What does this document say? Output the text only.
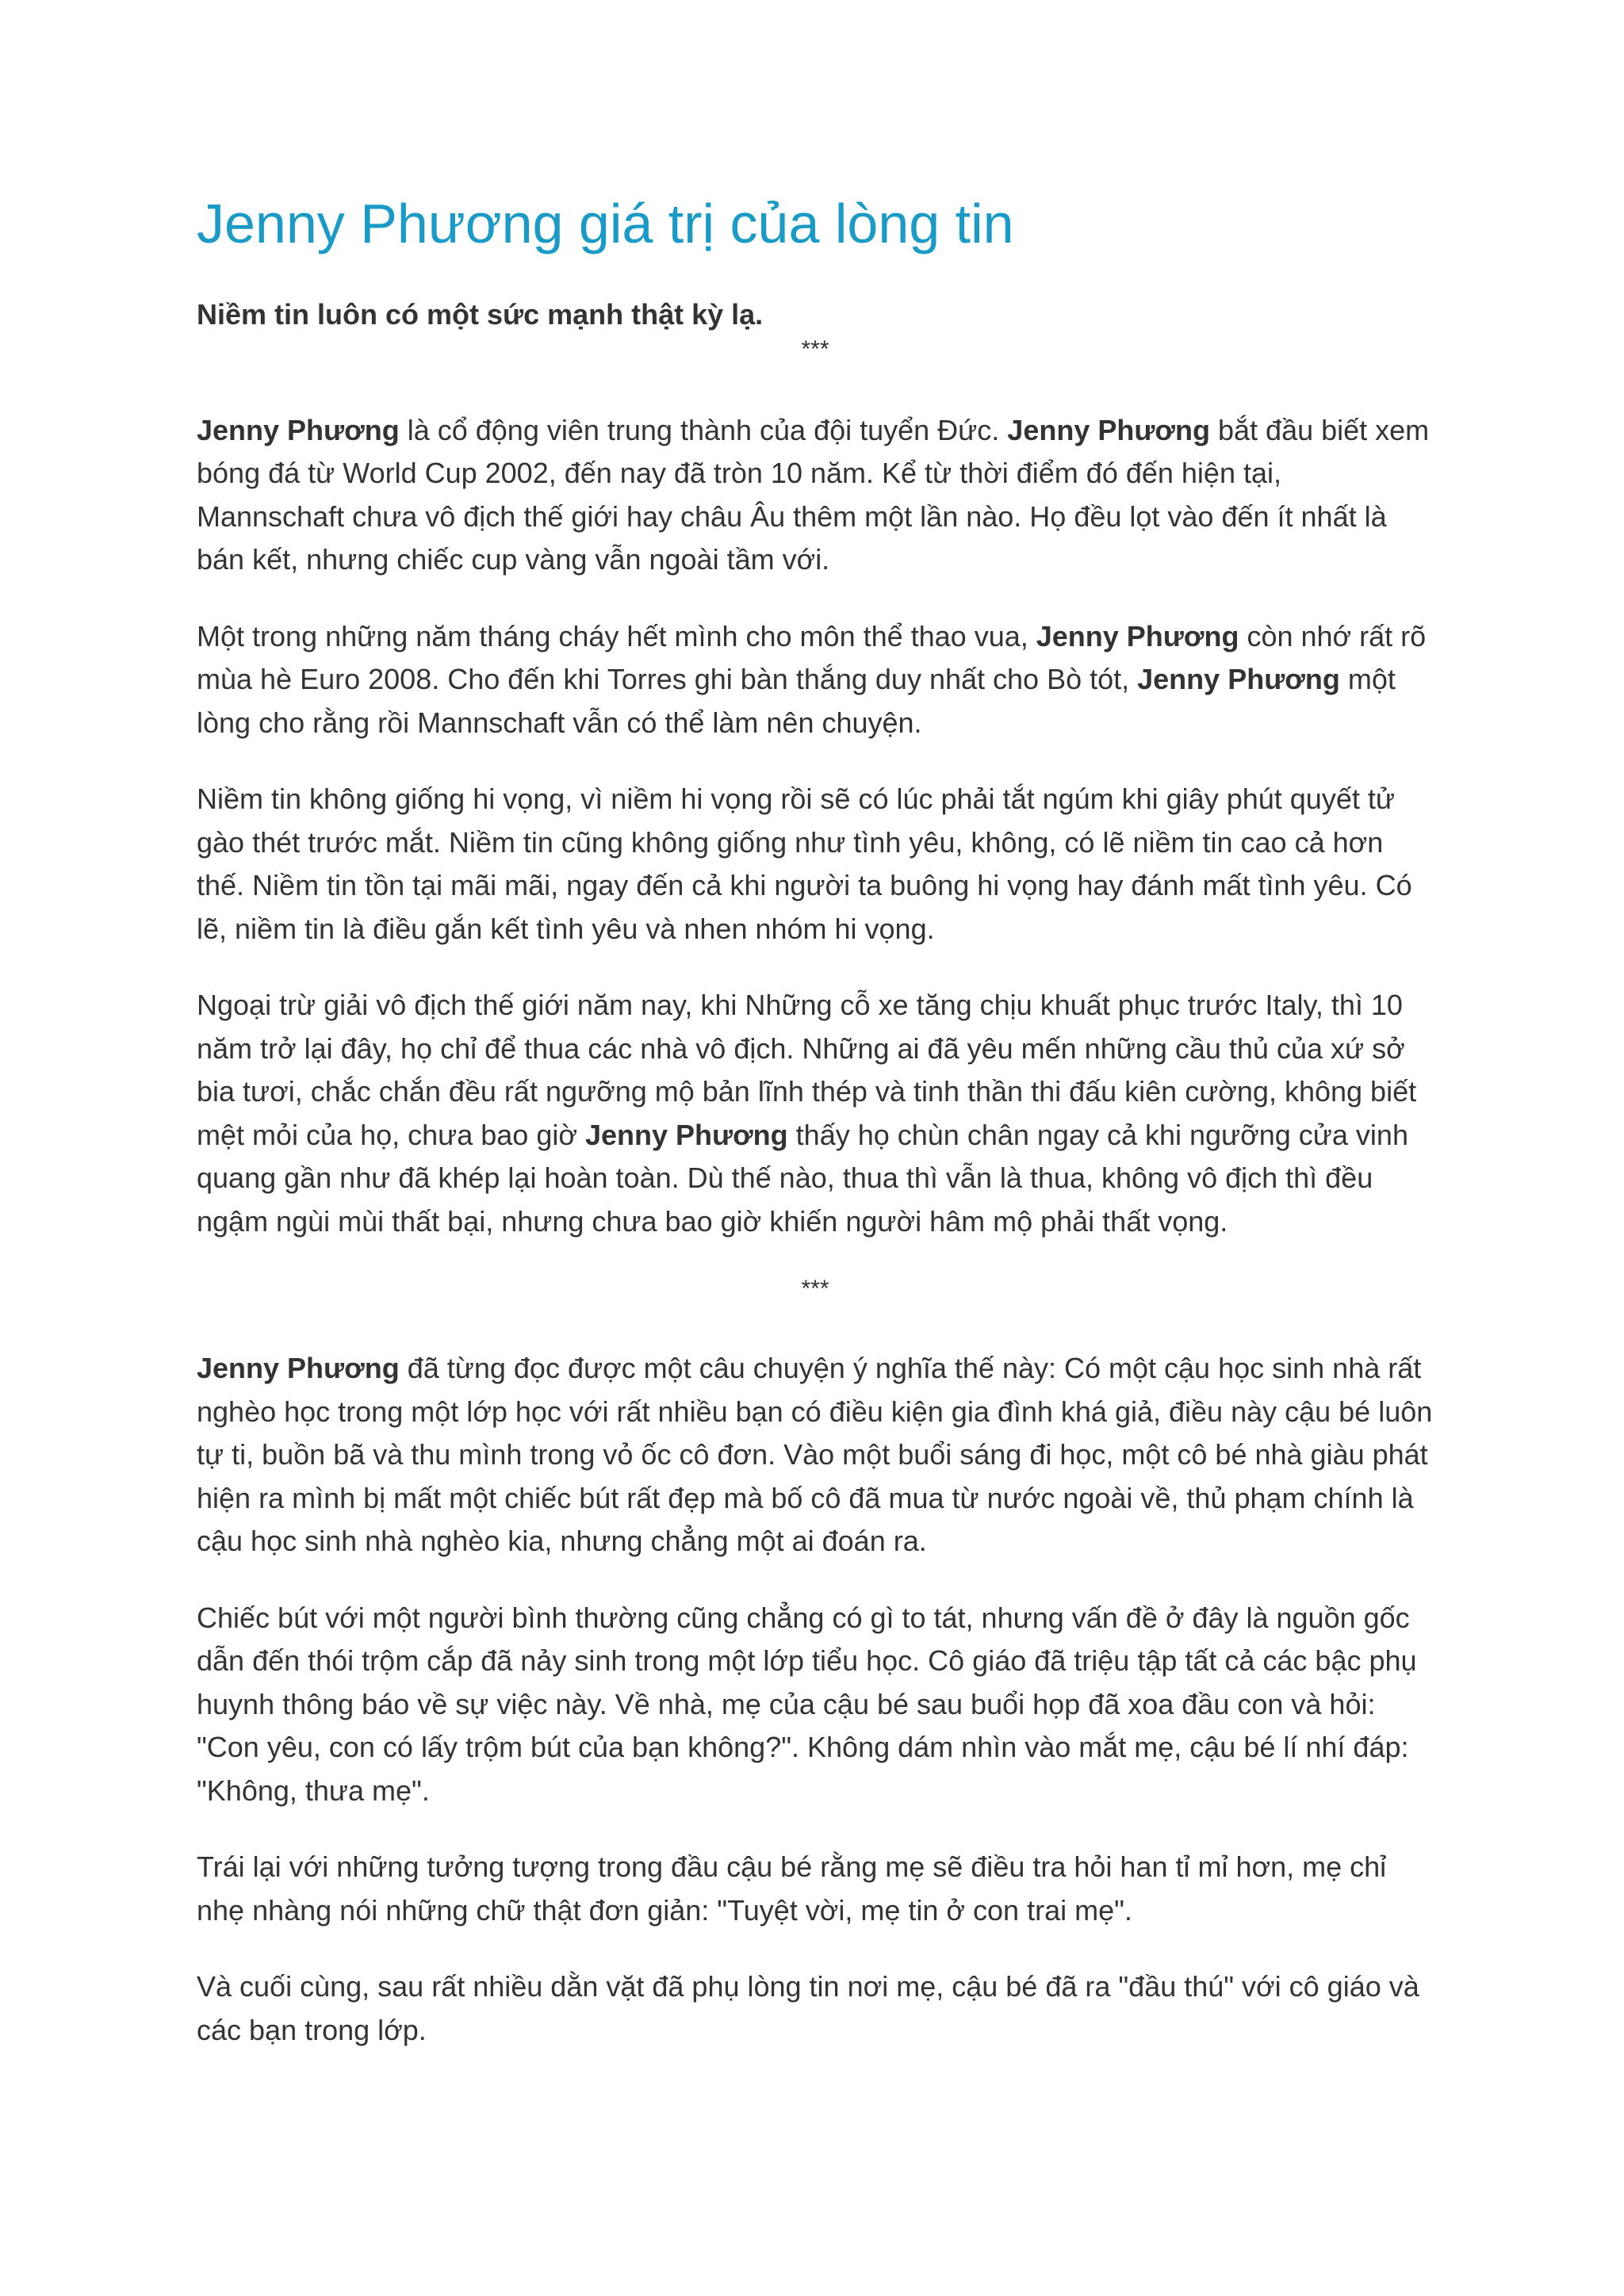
Jenny Phương giá trị của lòng tin

Niềm tin luôn có một sức mạnh thật kỳ lạ.

***

Jenny Phương là cổ động viên trung thành của đội tuyển Đức. Jenny Phương bắt đầu biết xem bóng đá từ World Cup 2002, đến nay đã tròn 10 năm. Kể từ thời điểm đó đến hiện tại, Mannschaft chưa vô địch thế giới hay châu Âu thêm một lần nào. Họ đều lọt vào đến ít nhất là bán kết, nhưng chiếc cup vàng vẫn ngoài tầm với.

Một trong những năm tháng cháy hết mình cho môn thể thao vua, Jenny Phương còn nhớ rất rõ mùa hè Euro 2008. Cho đến khi Torres ghi bàn thắng duy nhất cho Bò tót, Jenny Phương một lòng cho rằng rồi Mannschaft vẫn có thể làm nên chuyện.

Niềm tin không giống hi vọng, vì niềm hi vọng rồi sẽ có lúc phải tắt ngúm khi giây phút quyết tử gào thét trước mắt. Niềm tin cũng không giống như tình yêu, không, có lẽ niềm tin cao cả hơn thế. Niềm tin tồn tại mãi mãi, ngay đến cả khi người ta buông hi vọng hay đánh mất tình yêu. Có lẽ, niềm tin là điều gắn kết tình yêu và nhen nhóm hi vọng.

Ngoại trừ giải vô địch thế giới năm nay, khi Những cỗ xe tăng chịu khuất phục trước Italy, thì 10 năm trở lại đây, họ chỉ để thua các nhà vô địch. Những ai đã yêu mến những cầu thủ của xứ sở bia tươi, chắc chắn đều rất ngưỡng mộ bản lĩnh thép và tinh thần thi đấu kiên cường, không biết mệt mỏi của họ, chưa bao giờ Jenny Phương thấy họ chùn chân ngay cả khi ngưỡng cửa vinh quang gần như đã khép lại hoàn toàn. Dù thế nào, thua thì vẫn là thua, không vô địch thì đều ngậm ngùi mùi thất bại, nhưng chưa bao giờ khiến người hâm mộ phải thất vọng.

***

Jenny Phương đã từng đọc được một câu chuyện ý nghĩa thế này: Có một cậu học sinh nhà rất nghèo học trong một lớp học với rất nhiều bạn có điều kiện gia đình khá giả, điều này cậu bé luôn tự ti, buồn bã và thu mình trong vỏ ốc cô đơn. Vào một buổi sáng đi học, một cô bé nhà giàu phát hiện ra mình bị mất một chiếc bút rất đẹp mà bố cô đã mua từ nước ngoài về, thủ phạm chính là cậu học sinh nhà nghèo kia, nhưng chẳng một ai đoán ra.

Chiếc bút với một người bình thường cũng chẳng có gì to tát, nhưng vấn đề ở đây là nguồn gốc dẫn đến thói trộm cắp đã nảy sinh trong một lớp tiểu học. Cô giáo đã triệu tập tất cả các bậc phụ huynh thông báo về sự việc này. Về nhà, mẹ của cậu bé sau buổi họp đã xoa đầu con và hỏi: "Con yêu, con có lấy trộm bút của bạn không?". Không dám nhìn vào mắt mẹ, cậu bé lí nhí đáp: "Không, thưa mẹ".

Trái lại với những tưởng tượng trong đầu cậu bé rằng mẹ sẽ điều tra hỏi han tỉ mỉ hơn, mẹ chỉ nhẹ nhàng nói những chữ thật đơn giản: "Tuyệt vời, mẹ tin ở con trai mẹ".

Và cuối cùng, sau rất nhiều dằn vặt đã phụ lòng tin nơi mẹ, cậu bé đã ra "đầu thú" với cô giáo và các bạn trong lớp.
